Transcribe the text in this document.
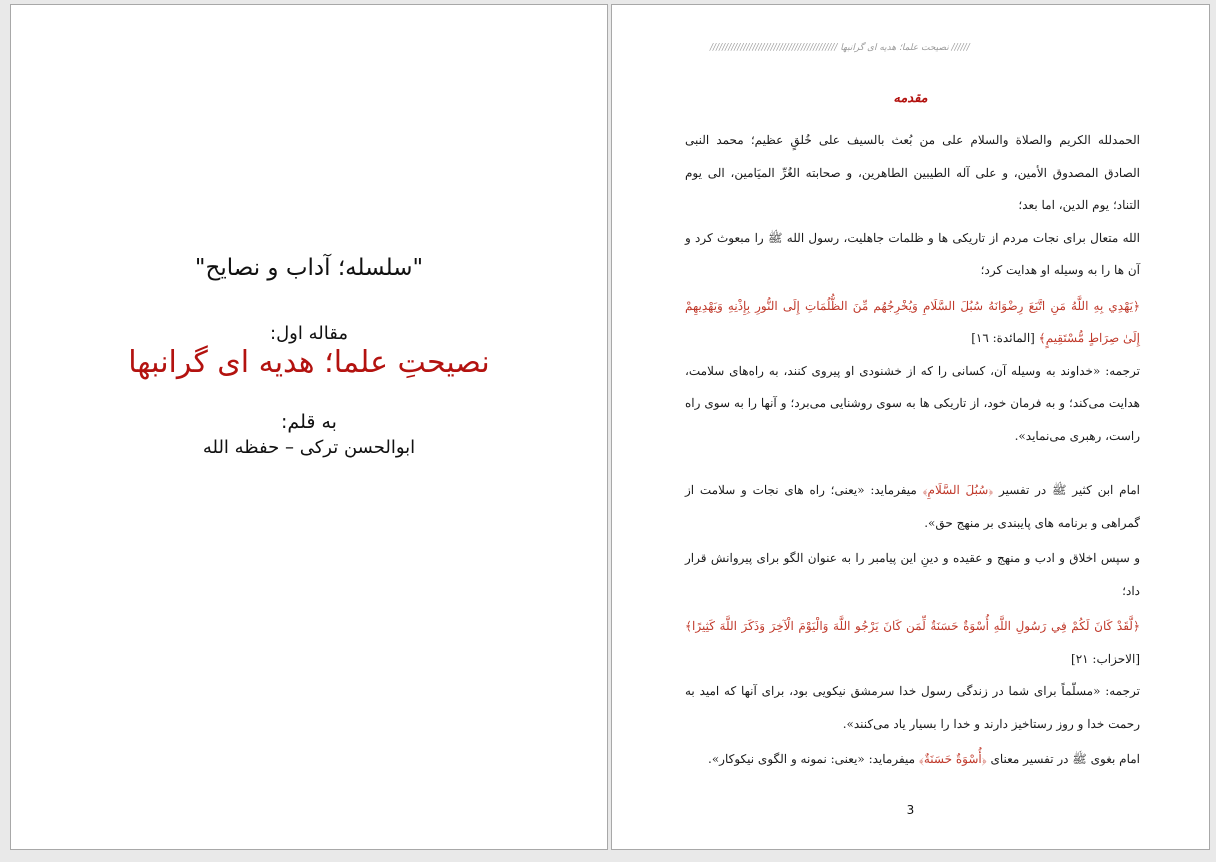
"سلسله؛ آداب و نصایح"
مقاله اول:
نصیحتِ علما؛ هدیه ای گرانبها
به قلم:
ابوالحسن ترکی – حفظه الله
////// نصیحت علما؛ هدیه ای گرانبها //////////////////////////////////////////
مقدمه

الحمدلله الكريم والصلاة والسلام على من بُعث بالسيف على خُلقٍ عظيم؛ محمد النبى الصادق المصدوق الأمين، و على آله الطيبين الطاهرين، و صحابته الغُرِّ الميَامين، الى يوم التناد؛ يوم الدين، اما بعد؛

الله متعال برای نجات مردم از تاریکی ها و ظلمات جاهلیت، رسول الله ﷺ را مبعوث کرد و آن ها را به وسیله او هدایت کرد؛

﴿يَهْدِي بِهِ اللَّهُ مَنِ اتَّبَعَ رِضْوَانَهُ سُبُلَ السَّلَامِ وَيُخْرِجُهُم مِّنَ الظُّلُمَاتِ إِلَى النُّورِ بِإِذْنِهِ وَيَهْدِيهِمْ إِلَىٰ صِرَاطٍ مُّسْتَقِيمٍ﴾ [المائدة: ١٦]

ترجمه: «خداوند به وسیله آن، کسانی را که از خشنودی او پیروی کنند، به راه‌های سلامت، هدایت می‌کند؛ و به فرمان خود، از تاریکی ها به سوی روشنایی می‌برد؛ و آنها را به سوی راه راست، رهبری می‌نماید».

امام ابن کثیر ﷺ در تفسیر ﴿سُبُلَ السَّلَامِ﴾ میفرماید: «یعنی؛ راه های نجات و سلامت از گمراهی و برنامه های پایبندی بر منهج حق».

و سپس اخلاق و ادب و منهج و عقیده و دینِ این پیامبر را به عنوان الگو برای پیروانش قرار داد؛

﴿لَّقَدْ كَانَ لَكُمْ فِي رَسُولِ اللَّهِ أُسْوَةٌ حَسَنَةٌ لِّمَن كَانَ يَرْجُو اللَّهَ وَالْيَوْمَ الْآخِرَ وَذَكَرَ اللَّهَ كَثِيرًا﴾ [الاحزاب: ٢١]

ترجمه: «مسلّماً برای شما در زندگی رسول خدا سرمشق نیکویی بود، برای آنها که امید به رحمت خدا و روز رستاخیز دارند و خدا را بسیار یاد می‌کنند».

امام بغوی ﷺ در تفسیر معنای ﴿أُسْوَةٌ حَسَنَةٌ﴾ میفرماید: «یعنی: نمونه و الگوی نیکوکار».

3
